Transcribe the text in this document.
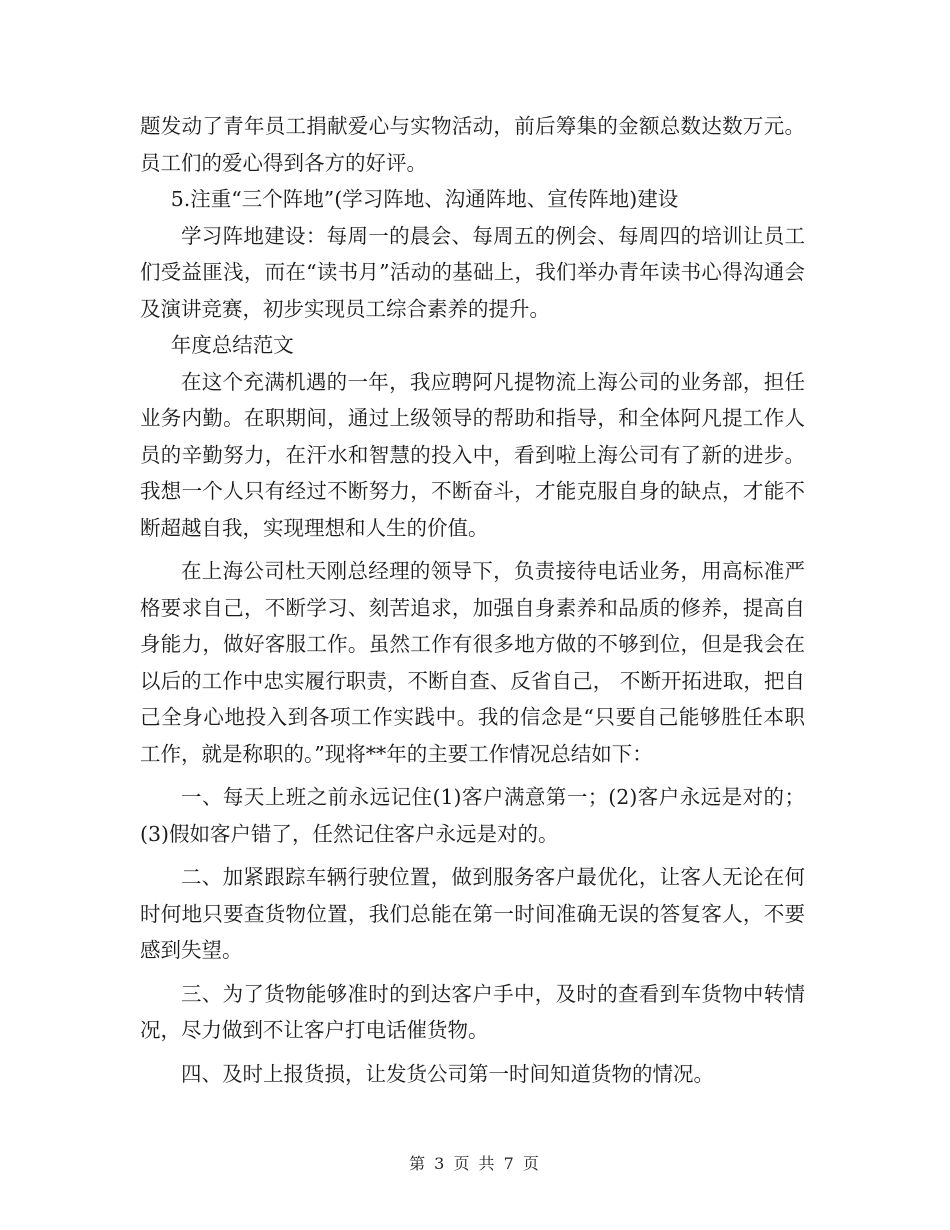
题发动了青年员工捐献爱心与实物活动，前后筹集的金额总数达数万元。员工们的爱心得到各方的好评。

5.注重“三个阵地”(学习阵地、沟通阵地、宣传阵地)建设

学习阵地建设：每周一的晨会、每周五的例会、每周四的培训让员工们受益匪浅，而在“读书月”活动的基础上，我们举办青年读书心得沟通会及演讲竞赛，初步实现员工综合素养的提升。

年度总结范文

在这个充满机遇的一年，我应聘阿凡提物流上海公司的业务部，担任业务内勤。在职期间，通过上级领导的帮助和指导，和全体阿凡提工作人员的辛勤努力，在汗水和智慧的投入中，看到啦上海公司有了新的进步。我想一个人只有经过不断努力，不断奋斗，才能克服自身的缺点，才能不断超越自我，实现理想和人生的价值。

在上海公司杜天刚总经理的领导下，负责接待电话业务，用高标准严格要求自己，不断学习、刻苦追求，加强自身素养和品质的修养，提高自身能力，做好客服工作。虽然工作有很多地方做的不够到位，但是我会在以后的工作中忠实履行职责，不断自查、反省自己， 不断开拓进取，把自己全身心地投入到各项工作实践中。我的信念是“只要自己能够胜任本职工作，就是称职的。”现将**年的主要工作情况总结如下：

一、每天上班之前永远记住(1)客户满意第一；(2)客户永远是对的；(3)假如客户错了，任然记住客户永远是对的。

二、加紧跟踪车辆行驶位置，做到服务客户最优化，让客人无论在何时何地只要查货物位置，我们总能在第一时间准确无误的答复客人，不要感到失望。

三、为了货物能够准时的到达客户手中，及时的查看到车货物中转情况，尽力做到不让客户打电话催货物。

四、及时上报货损，让发货公司第一时间知道货物的情况。

第 3 页 共 7 页
